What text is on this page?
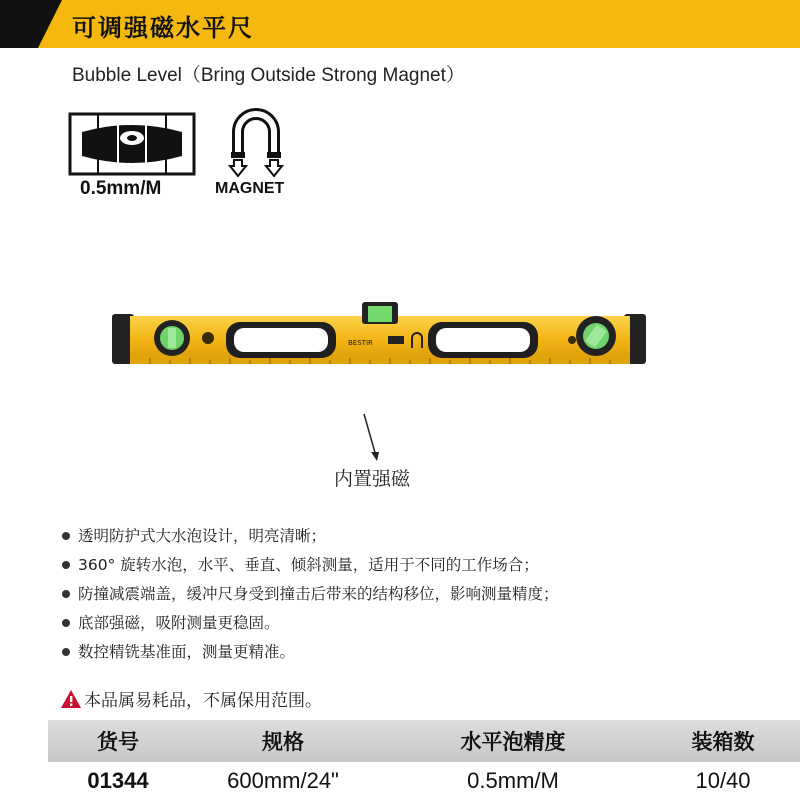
可调强磁水平尺
Bubble Level（Bring Outside Strong Magnet）
0.5mm/M	MAGNET
BESTIR
内置强磁
透明防护式大水泡设计，明亮清晰；
360° 旋转水泡，水平、垂直、倾斜测量，适用于不同的工作场合；
防撞减震端盖，缓冲尺身受到撞击后带来的结构移位，影响测量精度；
底部强磁，吸附测量更稳固。
数控精铣基准面，测量更精准。
本品属易耗品，不属保用范围。
货号	规格	水平泡精度	装箱数
01344	600mm/24"	0.5mm/M	10/40
